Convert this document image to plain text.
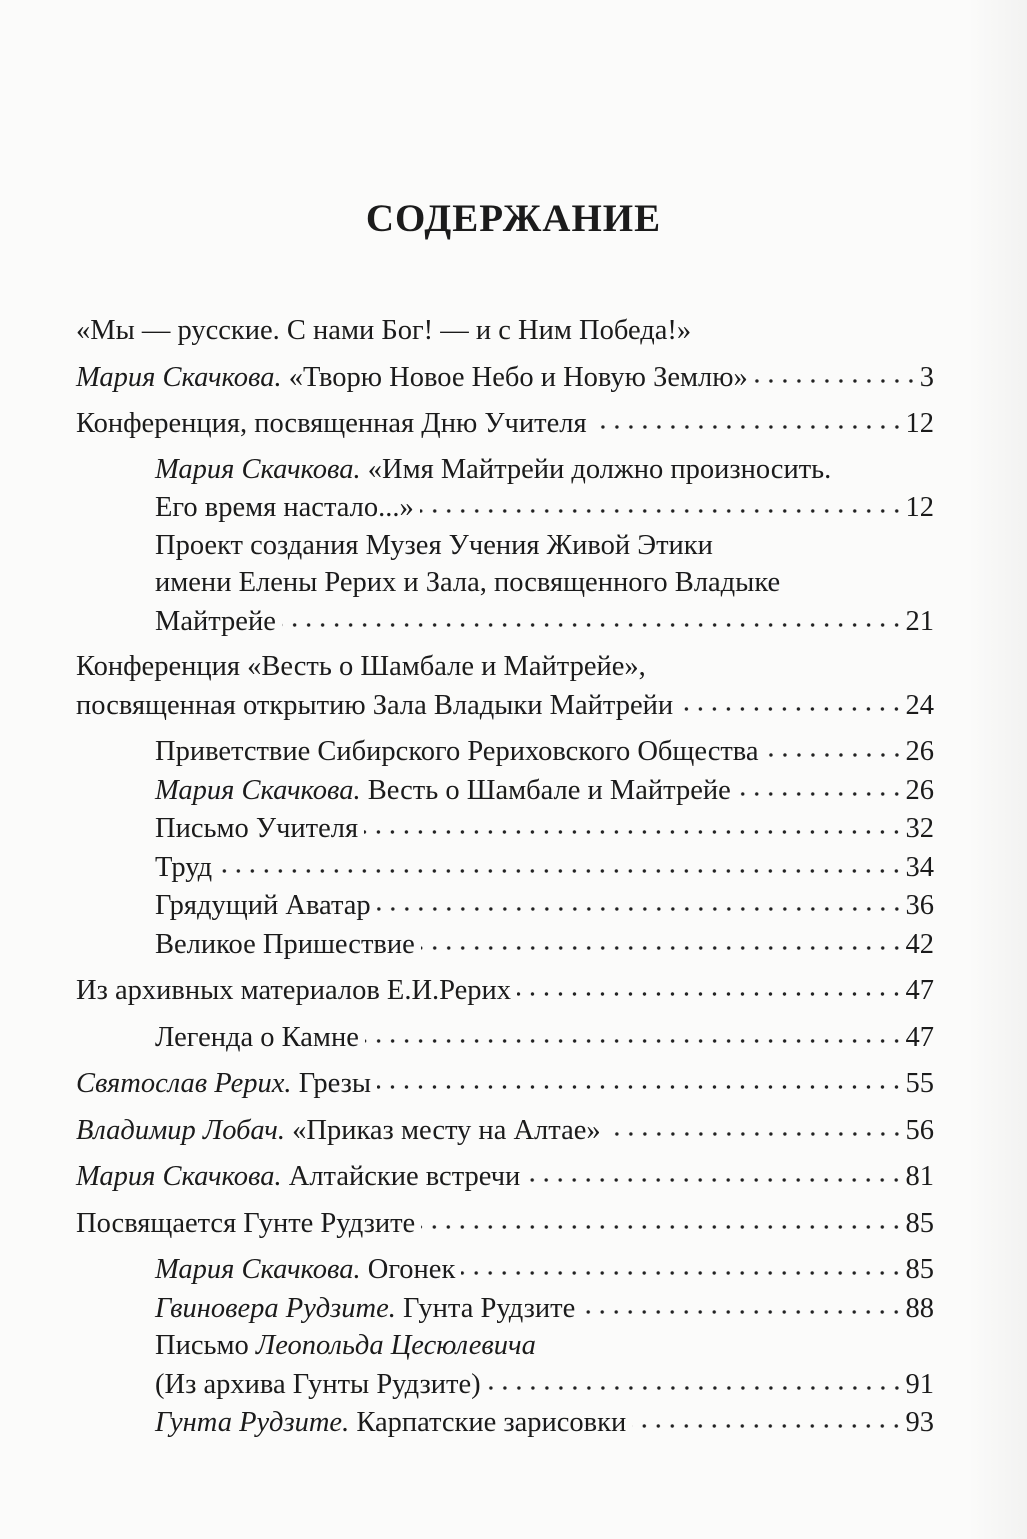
СОДЕРЖАНИЕ
«Мы — русские. С нами Бог! — и с Ним Победа!»
Мария Скачкова. «Творю Новое Небо и Новую Землю»	3
Конференция, посвященная Дню Учителя	12
Мария Скачкова. «Имя Майтрейи должно произносить.
Его время настало...»	12
Проект создания Музея Учения Живой Этики
имени Елены Рерих и Зала, посвященного Владыке
Майтрейе	21
Конференция «Весть о Шамбале и Майтрейе»,
посвященная открытию Зала Владыки Майтрейи	24
Приветствие Сибирского Рериховского Общества	26
Мария Скачкова. Весть о Шамбале и Майтрейе	26
Письмо Учителя	32
Труд	34
Грядущий Аватар	36
Великое Пришествие	42
Из архивных материалов Е.И.Рерих	47
Легенда о Камне	47
Святослав Рерих. Грезы	55
Владимир Лобач. «Приказ месту на Алтае»	56
Мария Скачкова. Алтайские встречи	81
Посвящается Гунте Рудзите	85
Мария Скачкова. Огонек	85
Гвиновера Рудзите. Гунта Рудзите	88
Письмо Леопольда Цесюлевича
(Из архива Гунты Рудзите)	91
Гунта Рудзите. Карпатские зарисовки	93
